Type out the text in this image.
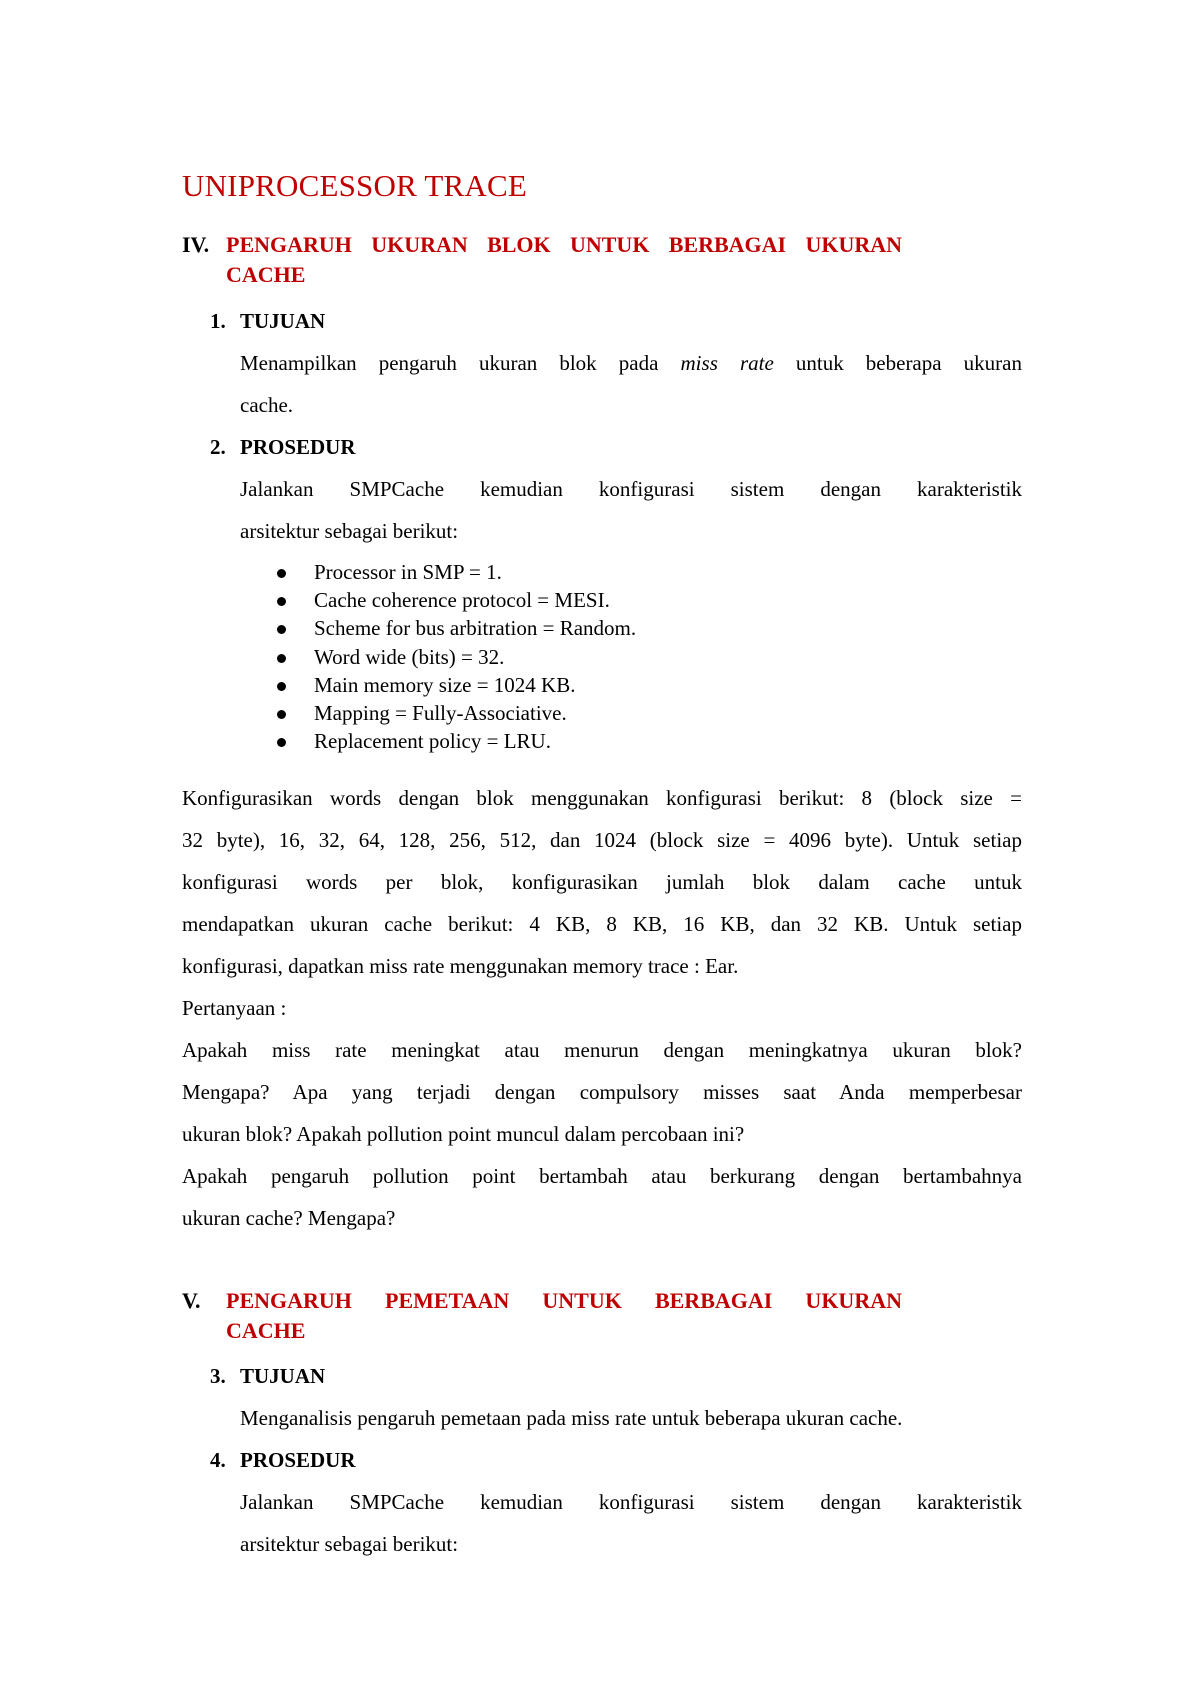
UNIPROCESSOR TRACE
IV. PENGARUH UKURAN BLOK UNTUK BERBAGAI UKURAN
CACHE
1. TUJUAN
Menampilkan pengaruh ukuran blok pada miss rate untuk beberapa ukuran
cache.
2. PROSEDUR
Jalankan SMPCache kemudian konfigurasi sistem dengan karakteristik
arsitektur sebagai berikut:
Processor in SMP = 1.
Cache coherence protocol = MESI.
Scheme for bus arbitration = Random.
Word wide (bits) = 32.
Main memory size = 1024 KB.
Mapping = Fully-Associative.
Replacement policy = LRU.
Konfigurasikan words dengan blok menggunakan konfigurasi berikut: 8 (block size =
32 byte), 16, 32, 64, 128, 256, 512, dan 1024 (block size = 4096 byte). Untuk setiap
konfigurasi words per blok, konfigurasikan jumlah blok dalam cache untuk
mendapatkan ukuran cache berikut: 4 KB, 8 KB, 16 KB, dan 32 KB. Untuk setiap
konfigurasi, dapatkan miss rate menggunakan memory trace : Ear.
Pertanyaan :
Apakah miss rate meningkat atau menurun dengan meningkatnya ukuran blok?
Mengapa? Apa yang terjadi dengan compulsory misses saat Anda memperbesar
ukuran blok? Apakah pollution point muncul dalam percobaan ini?
Apakah pengaruh pollution point bertambah atau berkurang dengan bertambahnya
ukuran cache? Mengapa?
V. PENGARUH PEMETAAN UNTUK BERBAGAI UKURAN
CACHE
3. TUJUAN
Menganalisis pengaruh pemetaan pada miss rate untuk beberapa ukuran cache.
4. PROSEDUR
Jalankan SMPCache kemudian konfigurasi sistem dengan karakteristik
arsitektur sebagai berikut:
